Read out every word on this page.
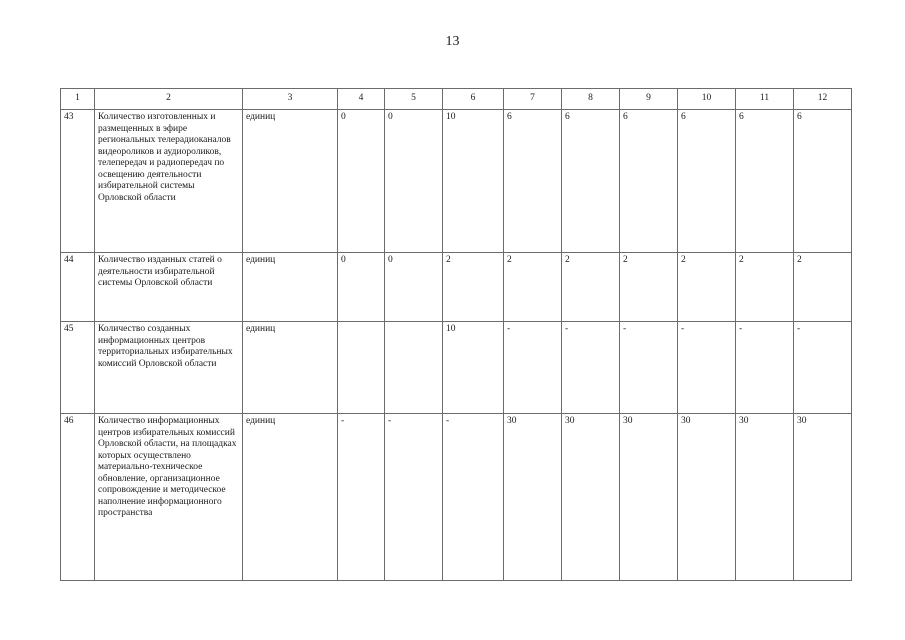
13
1	2	3	4	5	6	7	8	9	10	11	12
43	Количество изготовленных и размещенных в эфире региональных телерадиоканалов видеороликов и аудиороликов, телепередач и радиопередач по освещению деятельности избирательной системы Орловской области	единиц	0	0	10	6	6	6	6	6	6
44	Количество изданных статей о деятельности избирательной системы Орловской области	единиц	0	0	2	2	2	2	2	2	2
45	Количество созданных информационных центров территориальных избирательных комиссий Орловской области	единиц			10	-	-	-	-	-	-
46	Количество информационных центров избирательных комиссий Орловской области, на площадках которых осуществлено материально-техническое обновление, организационное сопровождение и методическое наполнение информационного пространства	единиц	-	-	-	30	30	30	30	30	30
